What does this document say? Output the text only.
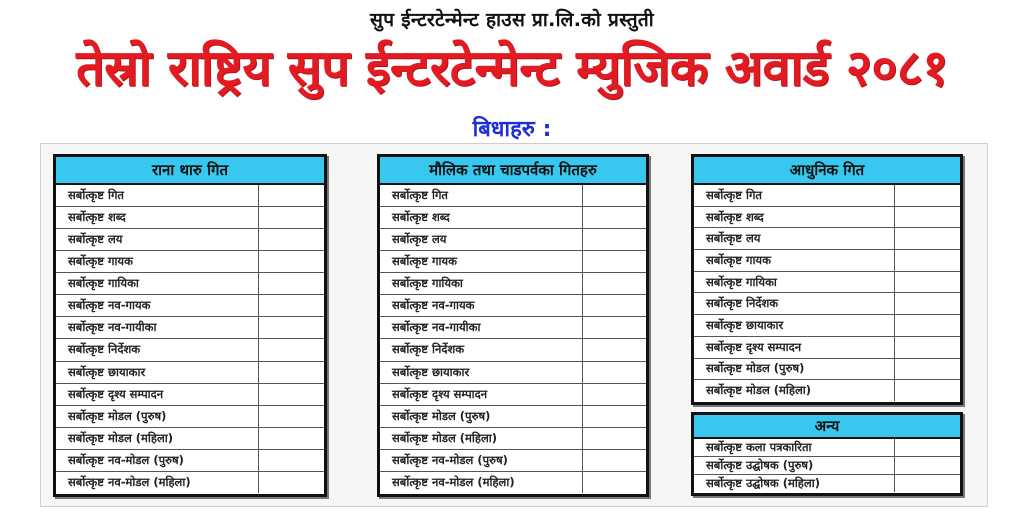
सुप ईन्टरटेन्मेन्ट हाउस प्रा.लि.को प्रस्तुती
तेस्रो राष्ट्रिय सुप ईन्टरटेन्मेन्ट म्युजिक अवार्ड २०८१
बिधाहरु :
राना थारु गित
सर्बोत्कृष्ट गित
सर्बोत्कृष्ट शब्द
सर्बोत्कृष्ट लय
सर्बोत्कृष्ट गायक
सर्बोत्कृष्ट गायिका
सर्बोत्कृष्ट नव-गायक
सर्बोत्कृष्ट नव-गायीका
सर्बोत्कृष्ट निर्देशक
सर्बोत्कृष्ट छायाकार
सर्बोत्कृष्ट दृश्य सम्पादन
सर्बोत्कृष्ट मोडल (पुरुष)
सर्बोत्कृष्ट मोडल (महिला)
सर्बोत्कृष्ट नव-मोडल (पुरुष)
सर्बोत्कृष्ट नव-मोडल (महिला)
मौलिक तथा चाडपर्वका गितहरु
सर्बोत्कृष्ट गित
सर्बोत्कृष्ट शब्द
सर्बोत्कृष्ट लय
सर्बोत्कृष्ट गायक
सर्बोत्कृष्ट गायिका
सर्बोत्कृष्ट नव-गायक
सर्बोत्कृष्ट नव-गायीका
सर्बोत्कृष्ट निर्देशक
सर्बोत्कृष्ट छायाकार
सर्बोत्कृष्ट दृश्य सम्पादन
सर्बोत्कृष्ट मोडल (पुरुष)
सर्बोत्कृष्ट मोडल (महिला)
सर्बोत्कृष्ट नव-मोडल (पुरुष)
सर्बोत्कृष्ट नव-मोडल (महिला)
आधुनिक गित
सर्बोत्कृष्ट गित
सर्बोत्कृष्ट शब्द
सर्बोत्कृष्ट लय
सर्बोत्कृष्ट गायक
सर्बोत्कृष्ट गायिका
सर्बोत्कृष्ट निर्देशक
सर्बोत्कृष्ट छायाकार
सर्बोत्कृष्ट दृश्य सम्पादन
सर्बोत्कृष्ट मोडल (पुरुष)
सर्बोत्कृष्ट मोडल (महिला)
अन्य
सर्बोत्कृष्ट कला पत्रकारिता
सर्बोत्कृष्ट उद्घोषक (पुरुष)
सर्बोत्कृष्ट उद्घोषक (महिला)
